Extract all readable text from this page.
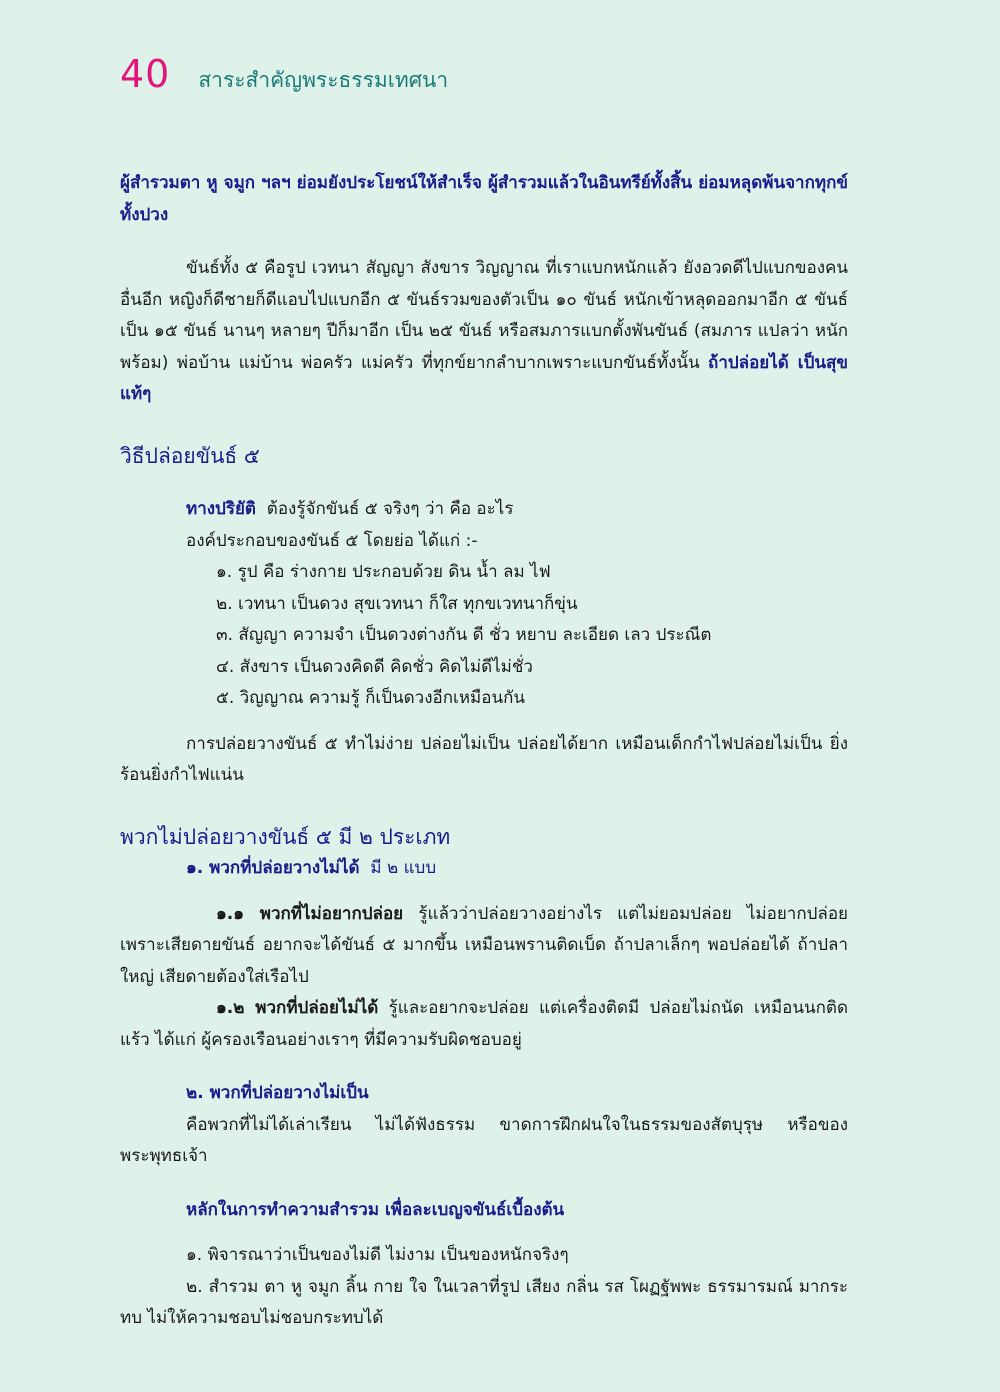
40 สาระสำคัญพระธรรมเทศนา

ผู้สำรวมตา หู จมูก ฯลฯ ย่อมยังประโยชน์ให้สำเร็จ ผู้สำรวมแล้วในอินทรีย์ทั้งสิ้น ย่อมหลุดพ้นจากทุกข์ ทั้งปวง

ขันธ์ทั้ง ๕ คือรูป เวทนา สัญญา สังขาร วิญญาณ ที่เราแบกหนักแล้ว ยังอวดดีไปแบกของคนอื่นอีก หญิงก็ดีชายก็ดีแอบไปแบกอีก ๕ ขันธ์รวมของตัวเป็น ๑๐ ขันธ์ หนักเข้าหลุดออกมาอีก ๕ ขันธ์ เป็น ๑๕ ขันธ์ นานๆ หลายๆ ปีก็มาอีก เป็น ๒๕ ขันธ์ หรือสมภารแบกตั้งพันขันธ์ (สมภาร แปลว่า หนักพร้อม) พ่อบ้าน แม่บ้าน พ่อครัว แม่ครัว ที่ทุกข์ยากลำบากเพราะแบกขันธ์ทั้งนั้น ถ้าปล่อยได้ เป็นสุขแท้ๆ

วิธีปล่อยขันธ์ ๕

ทางปริยัติ ต้องรู้จักขันธ์ ๕ จริงๆ ว่า คือ อะไร

องค์ประกอบของขันธ์ ๕ โดยย่อ ได้แก่ :-

๑. รูป คือ ร่างกาย ประกอบด้วย ดิน น้ำ ลม ไฟ
๒. เวทนา เป็นดวง สุขเวทนา ก็ใส ทุกขเวทนาก็ขุ่น
๓. สัญญา ความจำ เป็นดวงต่างกัน ดี ชั่ว หยาบ ละเอียด เลว ประณีต
๔. สังขาร เป็นดวงคิดดี คิดชั่ว คิดไม่ดีไม่ชั่ว
๕. วิญญาณ ความรู้ ก็เป็นดวงอีกเหมือนกัน

การปล่อยวางขันธ์ ๕ ทำไม่ง่าย ปล่อยไม่เป็น ปล่อยได้ยาก เหมือนเด็กกำไฟปล่อยไม่เป็น ยิ่งร้อนยิ่งกำไฟแน่น

พวกไม่ปล่อยวางขันธ์ ๕ มี ๒ ประเภท

๑. พวกที่ปล่อยวางไม่ได้ มี ๒ แบบ

๑.๑ พวกที่ไม่อยากปล่อย รู้แล้วว่าปล่อยวางอย่างไร แต่ไม่ยอมปล่อย ไม่อยากปล่อย เพราะเสียดายขันธ์ อยากจะได้ขันธ์ ๕ มากขึ้น เหมือนพรานติดเบ็ด ถ้าปลาเล็กๆ พอปล่อยได้ ถ้าปลาใหญ่ เสียดายต้องใส่เรือไป

๑.๒ พวกที่ปล่อยไม่ได้ รู้และอยากจะปล่อย แต่เครื่องติดมี ปล่อยไม่ถนัด เหมือนนกติดแร้ว ได้แก่ ผู้ครองเรือนอย่างเราๆ ที่มีความรับผิดชอบอยู่

๒. พวกที่ปล่อยวางไม่เป็น

คือพวกที่ไม่ได้เล่าเรียน ไม่ได้ฟังธรรม ขาดการฝึกฝนใจในธรรมของสัตบุรุษ หรือของพระพุทธเจ้า

หลักในการทำความสำรวม เพื่อละเบญจขันธ์เบื้องต้น

๑. พิจารณาว่าเป็นของไม่ดี ไม่งาม เป็นของหนักจริงๆ

๒. สำรวม ตา หู จมูก ลิ้น กาย ใจ ในเวลาที่รูป เสียง กลิ่น รส โผฏฐัพพะ ธรรมารมณ์ มากระทบ ไม่ให้ความชอบไม่ชอบกระทบได้
